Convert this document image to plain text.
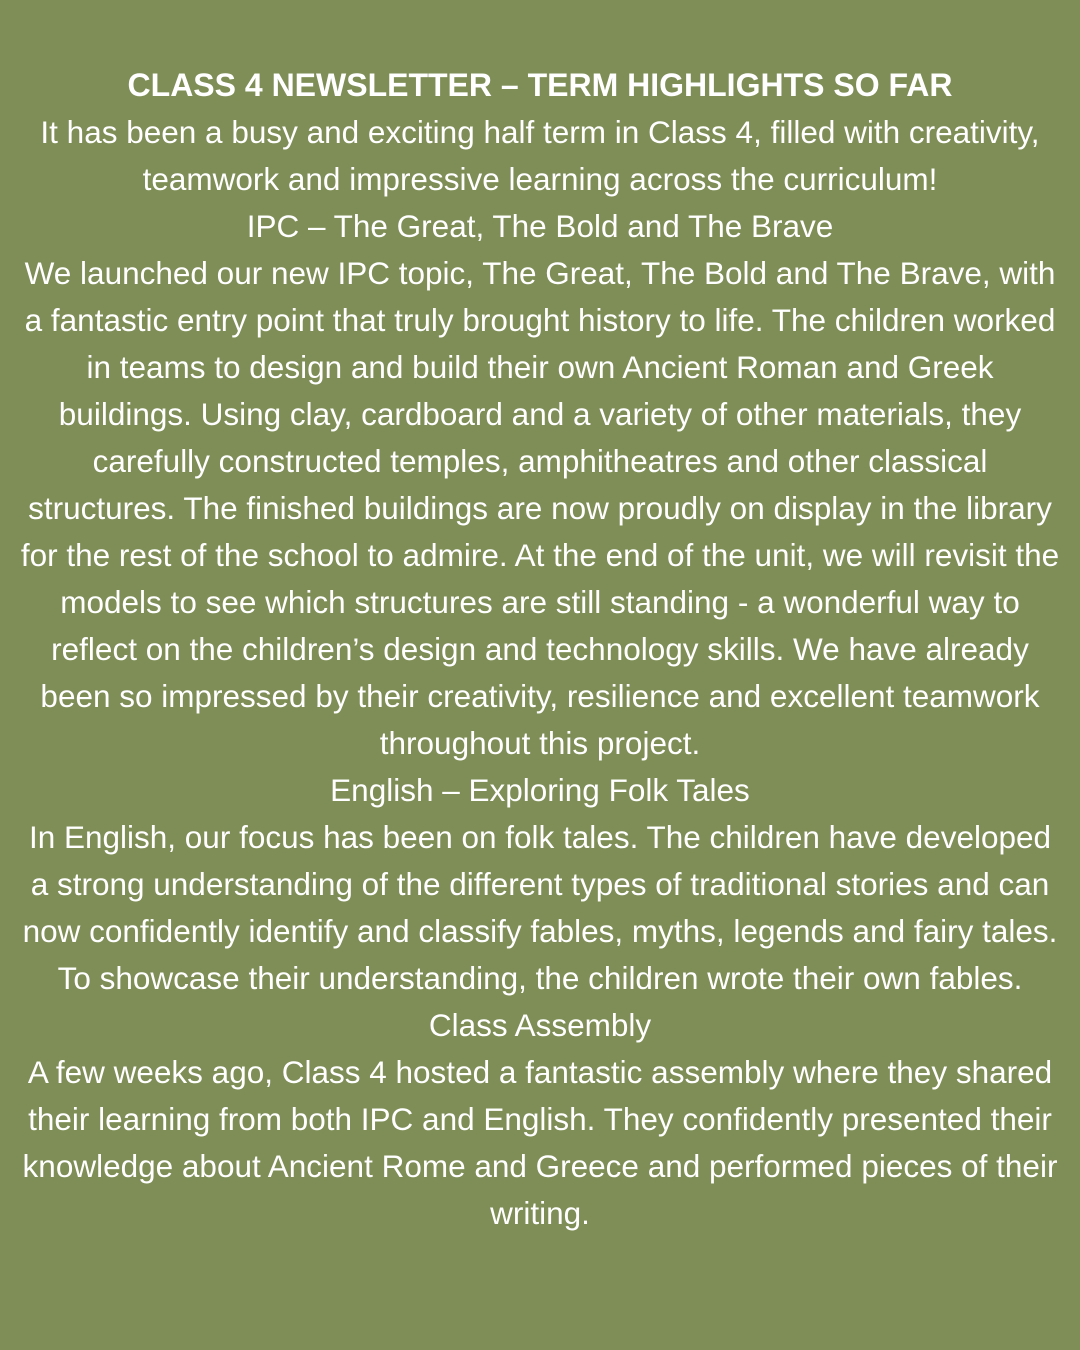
CLASS 4 NEWSLETTER – TERM HIGHLIGHTS SO FAR

It has been a busy and exciting half term in Class 4, filled with creativity, teamwork and impressive learning across the curriculum!

IPC – The Great, The Bold and The Brave

We launched our new IPC topic, The Great, The Bold and The Brave, with a fantastic entry point that truly brought history to life. The children worked in teams to design and build their own Ancient Roman and Greek buildings. Using clay, cardboard and a variety of other materials, they carefully constructed temples, amphitheatres and other classical structures. The finished buildings are now proudly on display in the library for the rest of the school to admire. At the end of the unit, we will revisit the models to see which structures are still standing - a wonderful way to reflect on the children’s design and technology skills. We have already been so impressed by their creativity, resilience and excellent teamwork throughout this project.

English – Exploring Folk Tales

In English, our focus has been on folk tales. The children have developed a strong understanding of the different types of traditional stories and can now confidently identify and classify fables, myths, legends and fairy tales. To showcase their understanding, the children wrote their own fables.

Class Assembly

A few weeks ago, Class 4 hosted a fantastic assembly where they shared their learning from both IPC and English. They confidently presented their knowledge about Ancient Rome and Greece and performed pieces of their writing.
